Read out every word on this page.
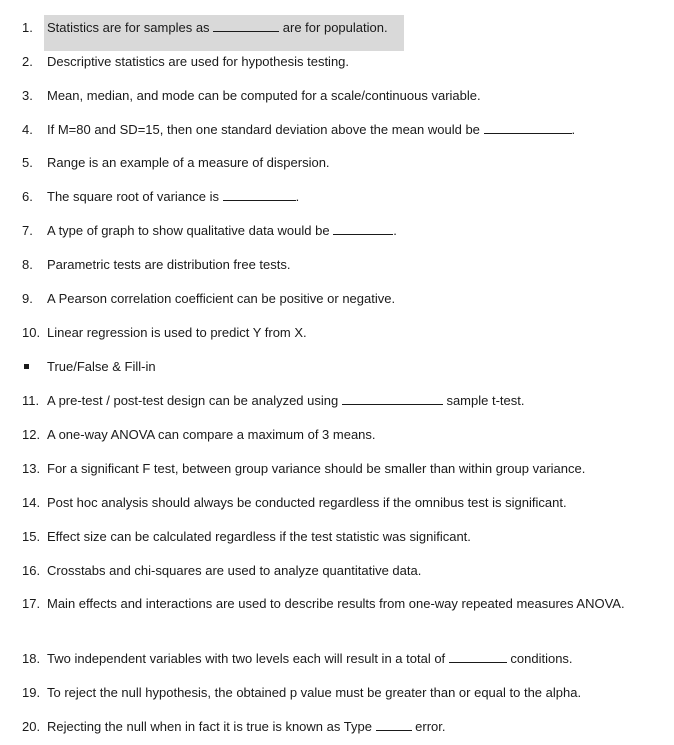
1. Statistics are for samples as	are for population.
2. Descriptive statistics are used for hypothesis testing.
3. Mean, median, and mode can be computed for a scale/continuous variable.
4. If M=80 and SD=15, then one standard deviation above the mean would be	.
5. Range is an example of a measure of dispersion.
6. The square root of variance is	.
7. A type of graph to show qualitative data would be	.
8. Parametric tests are distribution free tests.
9. A Pearson correlation coefficient can be positive or negative.
10. Linear regression is used to predict Y from X.
True/False & Fill-in
11. A pre-test / post-test design can be analyzed using	sample t-test.
12. A one-way ANOVA can compare a maximum of 3 means.
13. For a significant F test, between group variance should be smaller than within group variance.
14. Post hoc analysis should always be conducted regardless if the omnibus test is significant.
15. Effect size can be calculated regardless if the test statistic was significant.
16. Crosstabs and chi-squares are used to analyze quantitative data.
17. Main effects and interactions are used to describe results from one-way repeated measures ANOVA.
18. Two independent variables with two levels each will result in a total of	conditions.
19. To reject the null hypothesis, the obtained p value must be greater than or equal to the alpha.
20. Rejecting the null when in fact it is true is known as Type	error.
